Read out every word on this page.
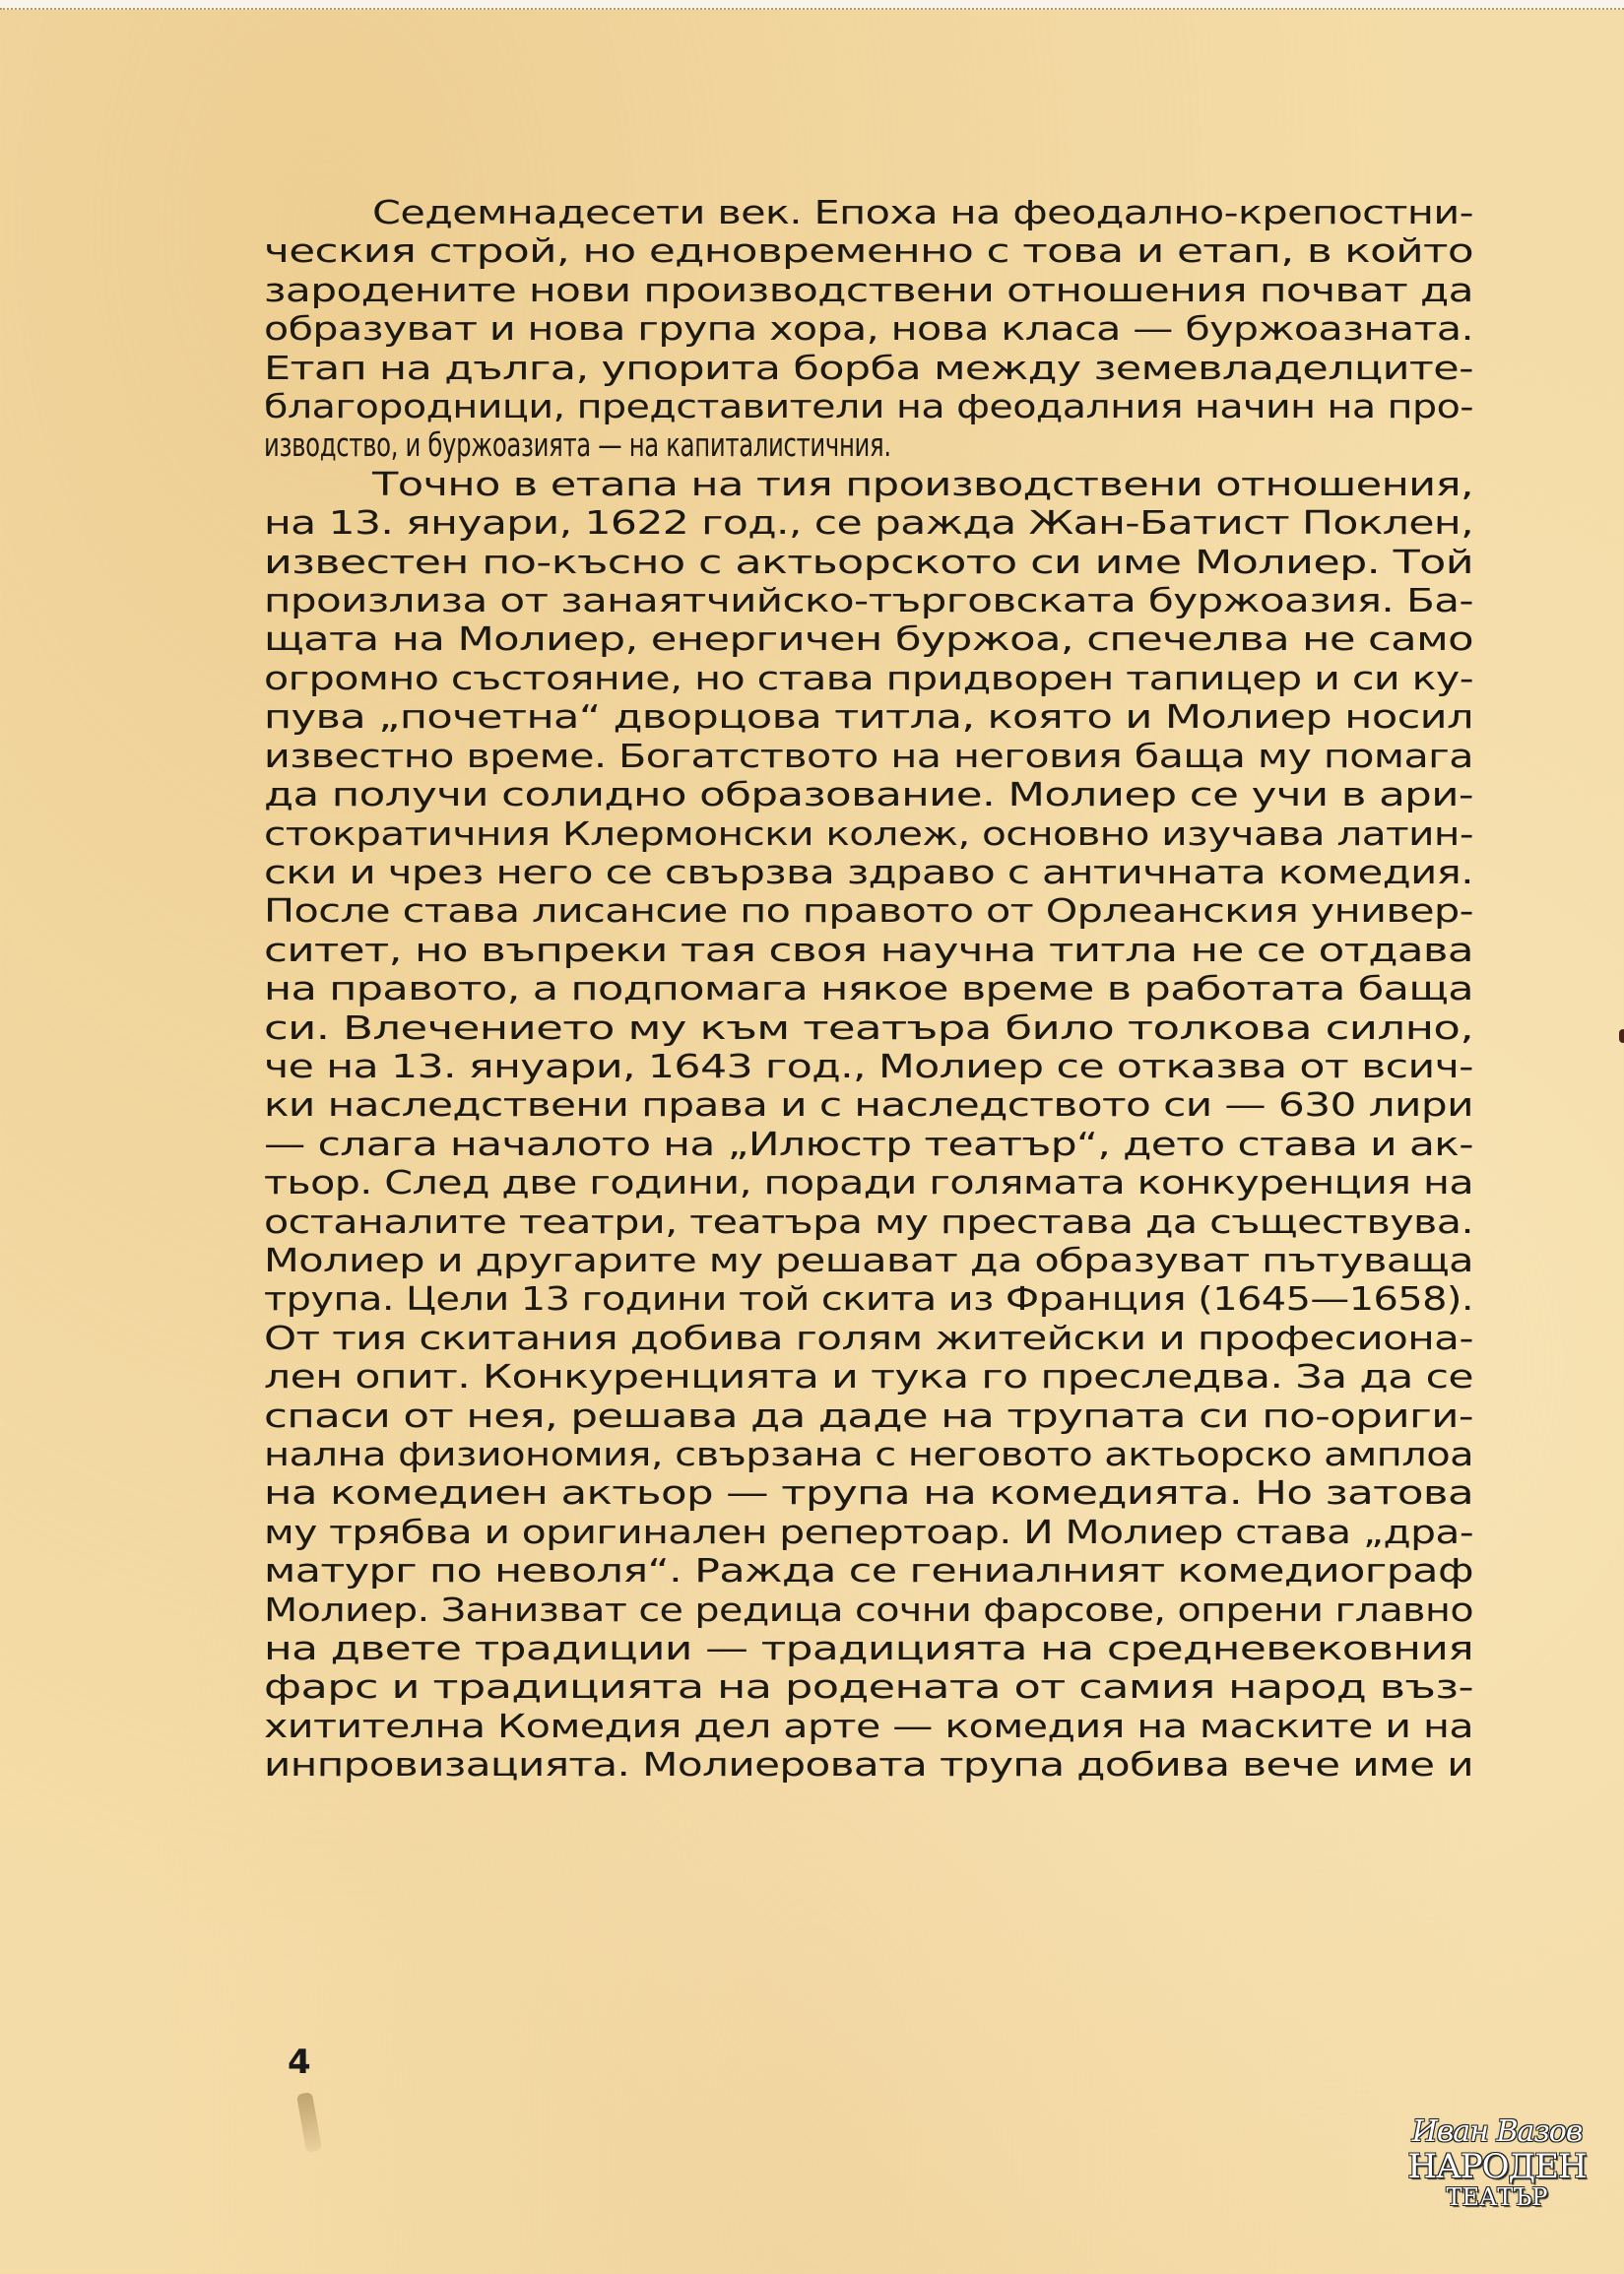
Седемнадесети век. Епоха на феодално-крепостни-
ческия строй, но едновременно с това и етап, в който
зародените нови производствени отношения почват да
образуват и нова група хора, нова класа — буржоазната.
Етап на дълга, упорита борба между земевладелците-
благородници, представители на феодалния начин на про-
изводство, и буржоазията — на капиталистичния.
Точно в етапа на тия производствени отношения,
на 13. януари, 1622 год., се ражда Жан-Батист Поклен,
известен по-късно с актьорското си име Молиер. Той
произлиза от занаятчийско-търговската буржоазия. Ба-
щата на Молиер, енергичен буржоа, спечелва не само
огромно състояние, но става придворен тапицер и си ку-
пува „почетна“ дворцова титла, която и Молиер носил
известно време. Богатството на неговия баща му помага
да получи солидно образование. Молиер се учи в ари-
стократичния Клермонски колеж, основно изучава латин-
ски и чрез него се свързва здраво с античната комедия.
После става лисансие по правото от Орлеанския универ-
ситет, но въпреки тая своя научна титла не се отдава
на правото, а подпомага някое време в работата баща
си. Влечението му към театъра било толкова силно,
че на 13. януари, 1643 год., Молиер се отказва от всич-
ки наследствени права и с наследството си — 630 лири
— слага началото на „Илюстр театър“, дето става и ак-
тьор. След две години, поради голямата конкуренция на
останалите театри, театъра му престава да съществува.
Молиер и другарите му решават да образуват пътуваща
трупа. Цели 13 години той скита из Франция (1645—1658).
От тия скитания добива голям житейски и професиона-
лен опит. Конкуренцията и тука го преследва. За да се
спаси от нея, решава да даде на трупата си по-ориги-
нална физиономия, свързана с неговото актьорско амплоа
на комедиен актьор — трупа на комедията. Но затова
му трябва и оригинален репертоар. И Молиер става „дра-
матург по неволя“. Ражда се гениалният комедиограф
Молиер. Занизват се редица сочни фарсове, опрени главно
на двете традиции — традицията на средневековния
фарс и традицията на родената от самия народ въз-
хитителна Комедия дел арте — комедия на маските и на
инпровизацията. Молиеровата трупа добива вече име и
4
Иван Вазов
НАРОДЕН
ТЕАТЪР
